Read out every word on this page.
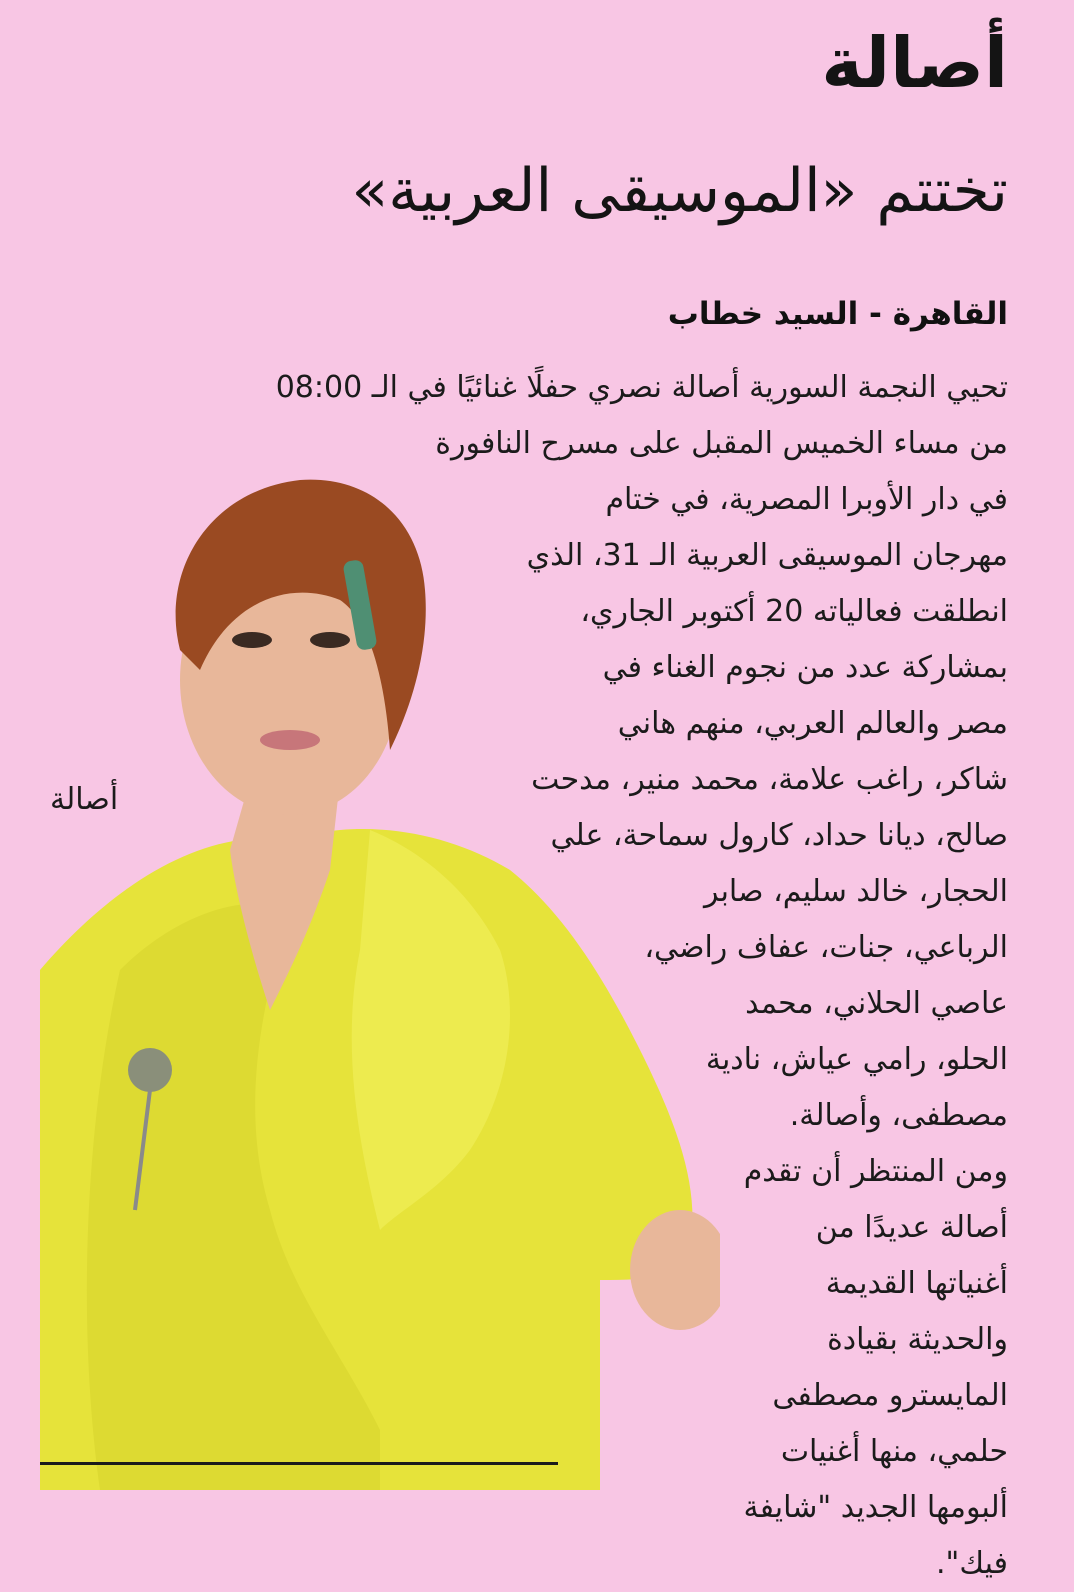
أصالة
تختتم «الموسيقى العربية»
القاهرة - السيد خطاب
تحيي النجمة السورية أصالة نصري حفلًا غنائيًا في الـ 08:00
من مساء الخميس المقبل على مسرح النافورة
في دار الأوبرا المصرية، في ختام
مهرجان الموسيقى العربية الـ 31، الذي
انطلقت فعالياته 20 أكتوبر الجاري،
بمشاركة عدد من نجوم الغناء في
مصر والعالم العربي، منهم هاني
شاكر، راغب علامة، محمد منير، مدحت
صالح، ديانا حداد، كارول سماحة، علي
الحجار، خالد سليم، صابر
الرباعي، جنات، عفاف راضي،
عاصي الحلاني، محمد
الحلو، رامي عياش، نادية
مصطفى، وأصالة.
ومن المنتظر أن تقدم
أصالة عديدًا من
أغنياتها القديمة
والحديثة بقيادة
المايسترو مصطفى
حلمي، منها أغنيات
ألبومها الجديد "شايفة
فيك".
أصالة
